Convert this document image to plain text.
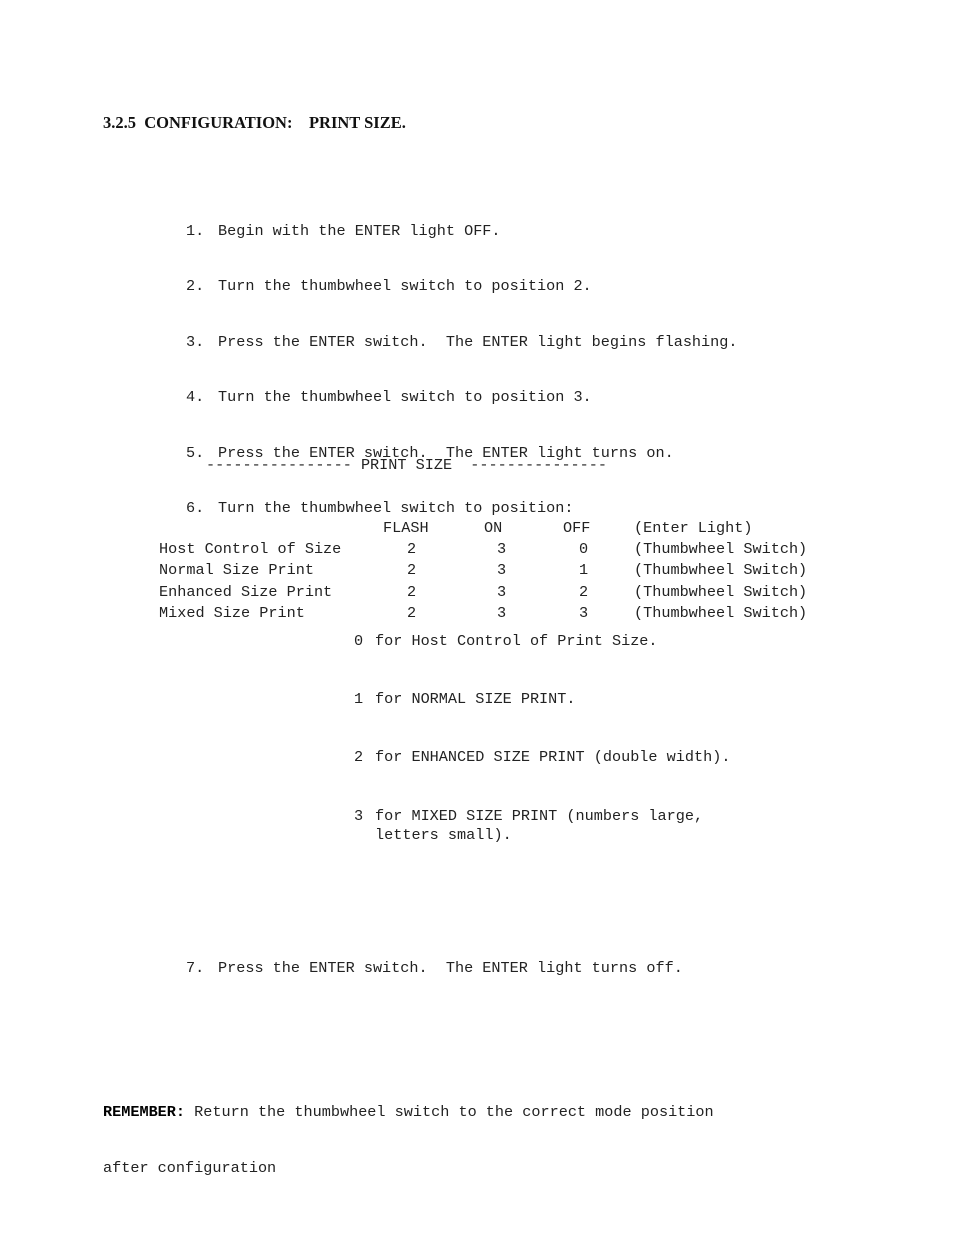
3.2.5  CONFIGURATION:    PRINT SIZE.

1. Begin with the ENTER light OFF.

2. Turn the thumbwheel switch to position 2.

3. Press the ENTER switch.  The ENTER light begins flashing.

4. Turn the thumbwheel switch to position 3.

5. Press the ENTER switch.  The ENTER light turns on.

6. Turn the thumbwheel switch to position:

0 for Host Control of Print Size.

1 for NORMAL SIZE PRINT.

2 for ENHANCED SIZE PRINT (double width).

3 for MIXED SIZE PRINT (numbers large,
letters small).

7. Press the ENTER switch.  The ENTER light turns off.

---------------- PRINT SIZE  ---------------

	FLASH	ON	OFF	(Enter Light)
Host Control of Size	2	3	0	(Thumbwheel Switch)
Normal Size Print	2	3	1	(Thumbwheel Switch)
Enhanced Size Print	2	3	2	(Thumbwheel Switch)
Mixed Size Print	2	3	3	(Thumbwheel Switch)

REMEMBER: Return the thumbwheel switch to the correct mode position

after configuration
